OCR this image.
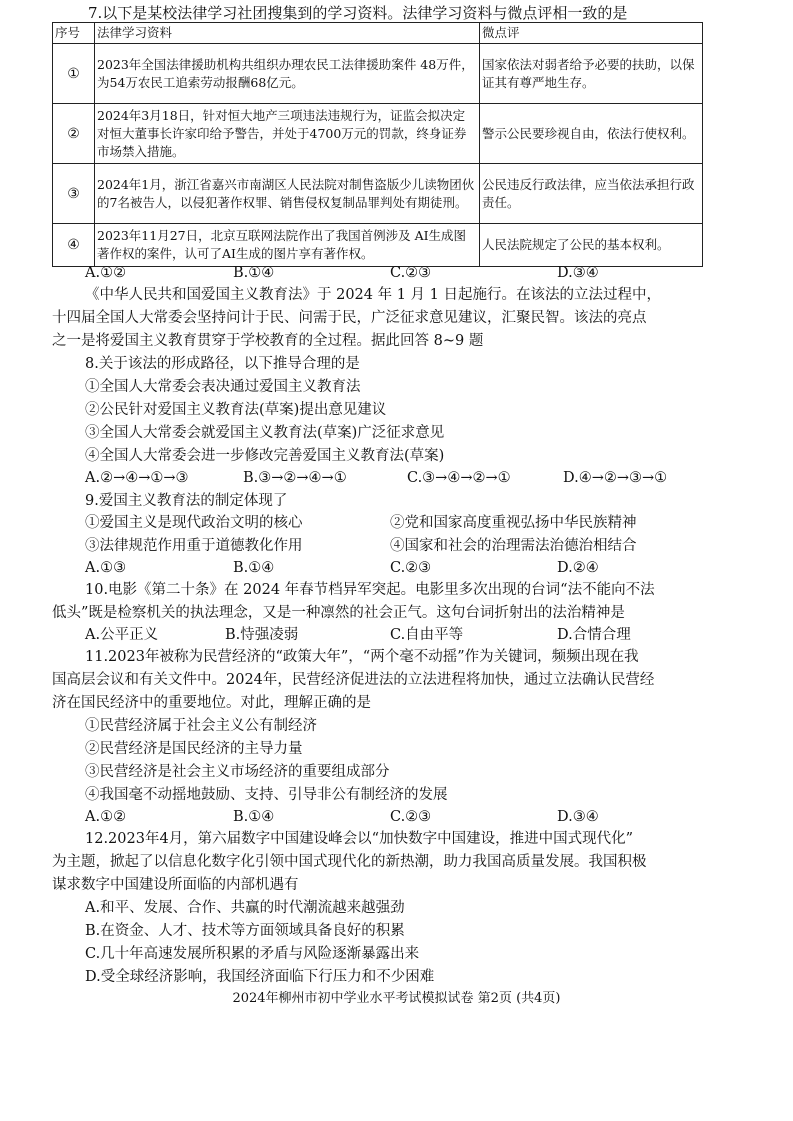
7.以下是某校法律学习社团搜集到的学习资料。法律学习资料与微点评相一致的是
序号	法律学习资料	微点评
①	2023年全国法律援助机构共组织办理农民工法律援助案件 48万件，为54万农民工追索劳动报酬68亿元。	国家依法对弱者给予必要的扶助，以保证其有尊严地生存。
②	2024年3月18日，针对恒大地产三项违法违规行为，证监会拟决定对恒大董事长许家印给予警告，并处于4700万元的罚款，终身证券市场禁入措施。	警示公民要珍视自由，依法行使权利。
③	2024年1月，浙江省嘉兴市南湖区人民法院对制售盗版少儿读物团伙的7名被告人，以侵犯著作权罪、销售侵权复制品罪判处有期徒刑。	公民违反行政法律，应当依法承担行政责任。
④	2023年11月27日，北京互联网法院作出了我国首例涉及 AI生成图著作权的案件，认可了AI生成的图片享有著作权。	人民法院规定了公民的基本权利。
A.①②	B.①④	C.②③	D.③④
《中华人民共和国爱国主义教育法》于 2024 年 1 月 1 日起施行。在该法的立法过程中，
十四届全国人大常委会坚持问计于民、问需于民，广泛征求意见建议，汇聚民智。该法的亮点
之一是将爱国主义教育贯穿于学校教育的全过程。据此回答 8~9 题
8.关于该法的形成路径，以下推导合理的是
①全国人大常委会表决通过爱国主义教育法
②公民针对爱国主义教育法(草案)提出意见建议
③全国人大常委会就爱国主义教育法(草案)广泛征求意见
④全国人大常委会进一步修改完善爱国主义教育法(草案)
A.②→④→①→③	B.③→②→④→①	C.③→④→②→①	D.④→②→③→①
9.爱国主义教育法的制定体现了
①爱国主义是现代政治文明的核心	②党和国家高度重视弘扬中华民族精神
③法律规范作用重于道德教化作用	④国家和社会的治理需法治德治相结合
A.①③	B.①④	C.②③	D.②④
10.电影《第二十条》在 2024 年春节档异军突起。电影里多次出现的台词“法不能向不法
低头”既是检察机关的执法理念，又是一种凛然的社会正气。这句台词折射出的法治精神是
A.公平正义	B.恃强凌弱	C.自由平等	D.合情合理
11.2023年被称为民营经济的“政策大年”，“两个毫不动摇”作为关键词，频频出现在我
国高层会议和有关文件中。2024年，民营经济促进法的立法进程将加快，通过立法确认民营经
济在国民经济中的重要地位。对此，理解正确的是
①民营经济属于社会主义公有制经济
②民营经济是国民经济的主导力量
③民营经济是社会主义市场经济的重要组成部分
④我国毫不动摇地鼓励、支持、引导非公有制经济的发展
A.①②	B.①④	C.②③	D.③④
12.2023年4月，第六届数字中国建设峰会以“加快数字中国建设，推进中国式现代化”
为主题，掀起了以信息化数字化引领中国式现代化的新热潮，助力我国高质量发展。我国积极
谋求数字中国建设所面临的内部机遇有
A.和平、发展、合作、共赢的时代潮流越来越强劲
B.在资金、人才、技术等方面领域具备良好的积累
C.几十年高速发展所积累的矛盾与风险逐渐暴露出来
D.受全球经济影响，我国经济面临下行压力和不少困难
2024年柳州市初中学业水平考试模拟试卷 第2页 (共4页)
